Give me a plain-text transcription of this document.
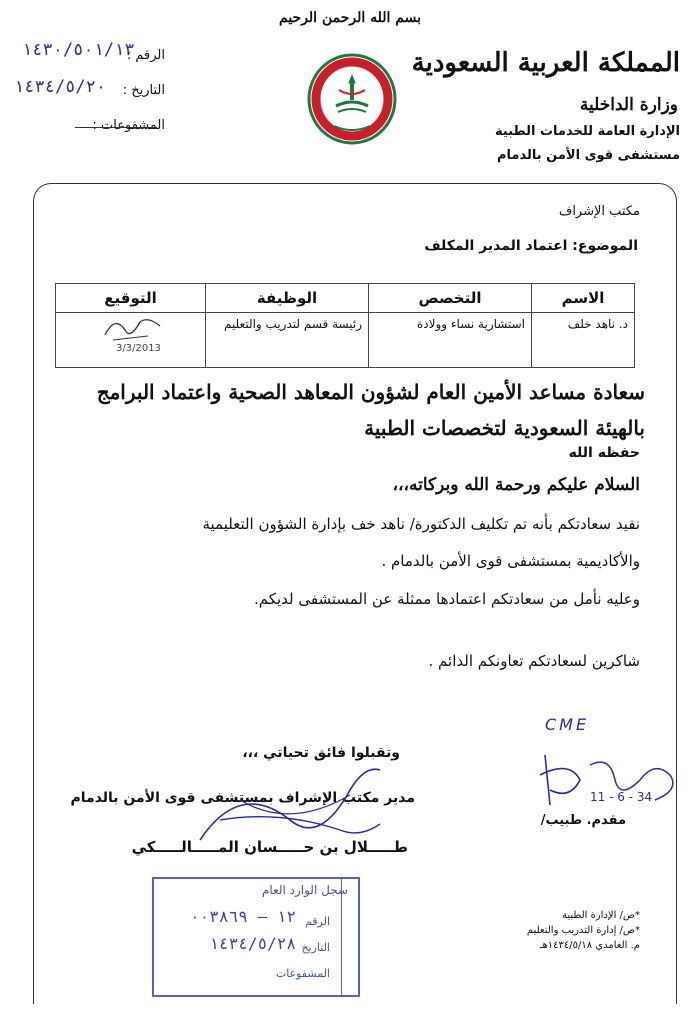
بسم الله الرحمن الرحيم
المملكة العربية السعودية
وزارة الداخلية
الإدارة العامة للخدمات الطبية
مستشفى قوى الأمن بالدمام
الرقم :
١٤٣٠/٥٠١/١٣
التاريخ :
١٤٣٤/٥/٢٠
المشفوعات :
مكتب الإشراف
الموضوع: اعتماد المدير المكلف
الاسم	التخصص	الوظيفة	التوقيع
د. ناهد خلف	استشارية نساء وولادة	رئيسة قسم لتدريب والتعليم	3/3/2013
سعادة مساعد الأمين العام لشؤون المعاهد الصحية واعتماد البرامج بالهيئة السعودية لتخصصات الطبية
حفظه الله
السلام عليكم ورحمة الله وبركاته،،،
نفيد سعادتكم بأنه تم تكليف الدكتورة/ ناهد خف بإدارة الشؤون التعليمية
والأكاديمية بمستشفى قوى الأمن بالدمام .
وعليه نأمل من سعادتكم اعتمادها ممثلة عن المستشفى لديكم.
شاكرين لسعادتكم تعاونكم الدائم .
وتقبلوا فائق تحياتي ،،،
مدير مكتب الإشراف بمستشفى قوى الأمن بالدمام
طـــــلال بن حـــــسان المـــــالـــــكي
مقدم. طبيب/
CME
11 - 6 - 34
*ص/ الإدارة الطبية
*ص/ إدارة التدريب والتعليم
م. الغامدي ١٤٣٤/٥/١٨هـ
سجل الوارد العام
الرقم
١٢ — ٠٠٣٨٦٩
التاريخ
١٤٣٤/٥/٢٨
المشفوعات
